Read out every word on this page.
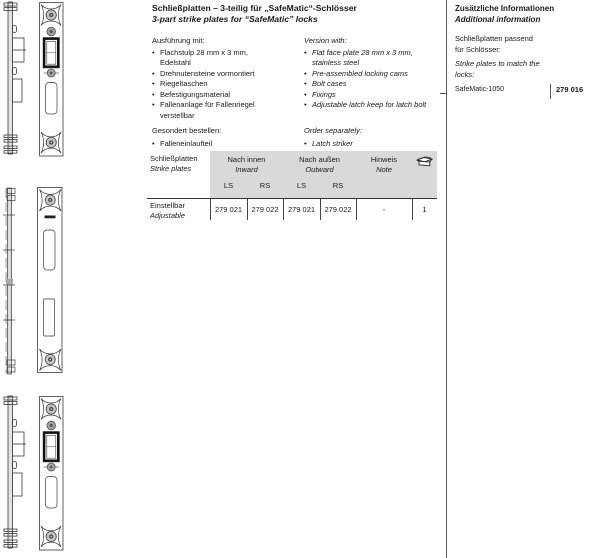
Schließplatten – 3-teilig für „SafeMatic“-Schlösser
3-part strike plates for “SafeMatic” locks
Ausführung mit:
• Flachstulp 28 mm x 3 mm, Edelstahl
• Drehnutensteine vormontiert
• Riegeltaschen
• Befestigungsmaterial
• Fallenanlage für Fallenriegel verstellbar
Version with:
• Flat face plate 28 mm x 3 mm, stainless steel
• Pre-assembled locking cams
• Bolt cases
• Fixings
• Adjustable latch keep for latch bolt
Gesondert bestellen:
• Falleneinlaufteil
Order separately:
• Latch striker
Schließplatten
Strike plates
Nach innen
Inward
Nach außen
Outward
Hinweis
Note
LS	RS	LS	RS
Einstellbar
Adjustable
279 021	279 022	279 021	279 022	-	1
Zusätzliche Informationen
Additional information
Schließplatten passend für Schlösser:
Strike plates to match the locks:
SafeMatic-1050	279 016
